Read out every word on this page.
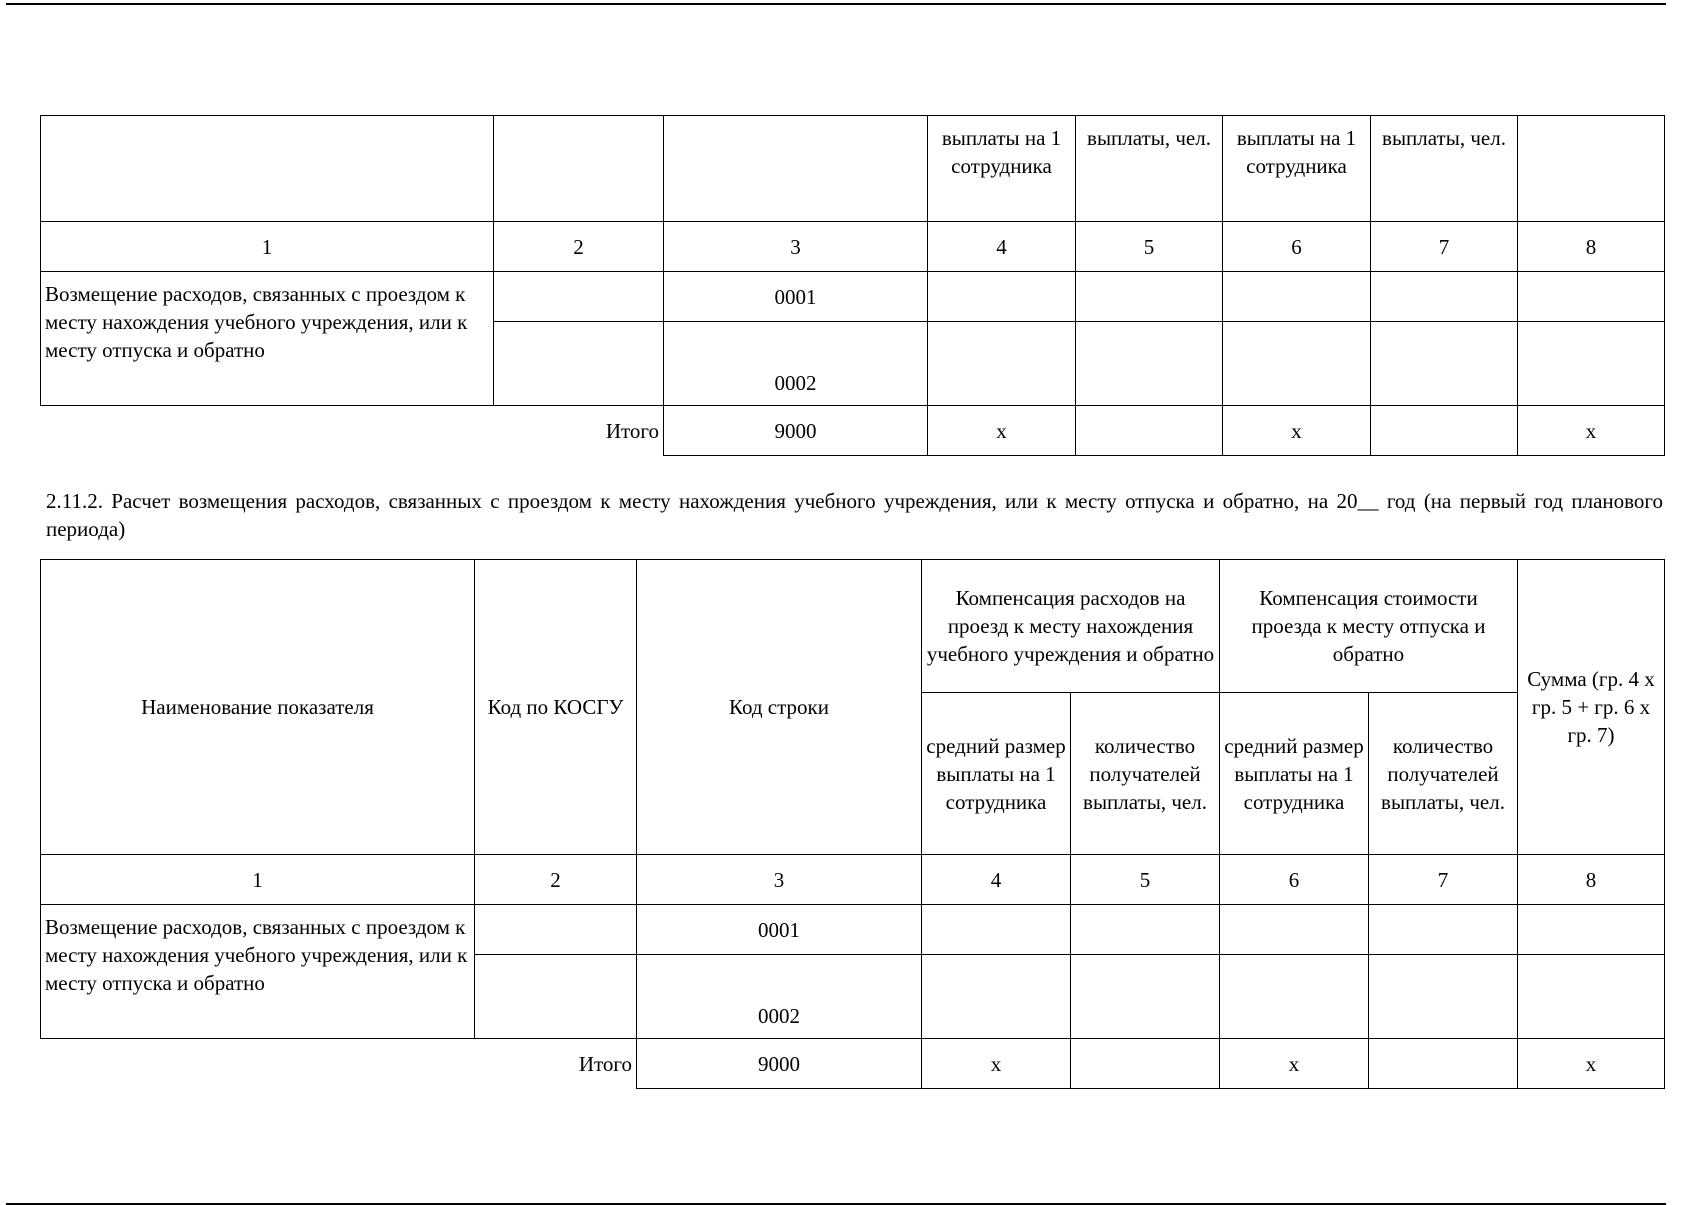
			выплаты на 1 сотрудника	выплаты, чел.	выплаты на 1 сотрудника	выплаты, чел.	
1	2	3	4	5	6	7	8
Возмещение расходов, связанных с проездом к месту нахождения учебного учреждения, или к месту отпуска и обратно		0001					
		0002					
Итого		9000	x		x		x
2.11.2. Расчет возмещения расходов, связанных с проездом к месту нахождения учебного учреждения, или к месту отпуска и обратно, на 20__ год (на первый год планового периода)
Наименование показателя	Код по КОСГУ	Код строки	Компенсация расходов на проезд к месту нахождения учебного учреждения и обратно		Компенсация стоимости проезда к месту отпуска и обратно		Сумма (гр. 4 x гр. 5 + гр. 6 x гр. 7)
			средний размер выплаты на 1 сотрудника	количество получателей выплаты, чел.	средний размер выплаты на 1 сотрудника	количество получателей выплаты, чел.	
1	2	3	4	5	6	7	8
Возмещение расходов, связанных с проездом к месту нахождения учебного учреждения, или к месту отпуска и обратно		0001					
		0002					
Итого		9000	x		x		x
